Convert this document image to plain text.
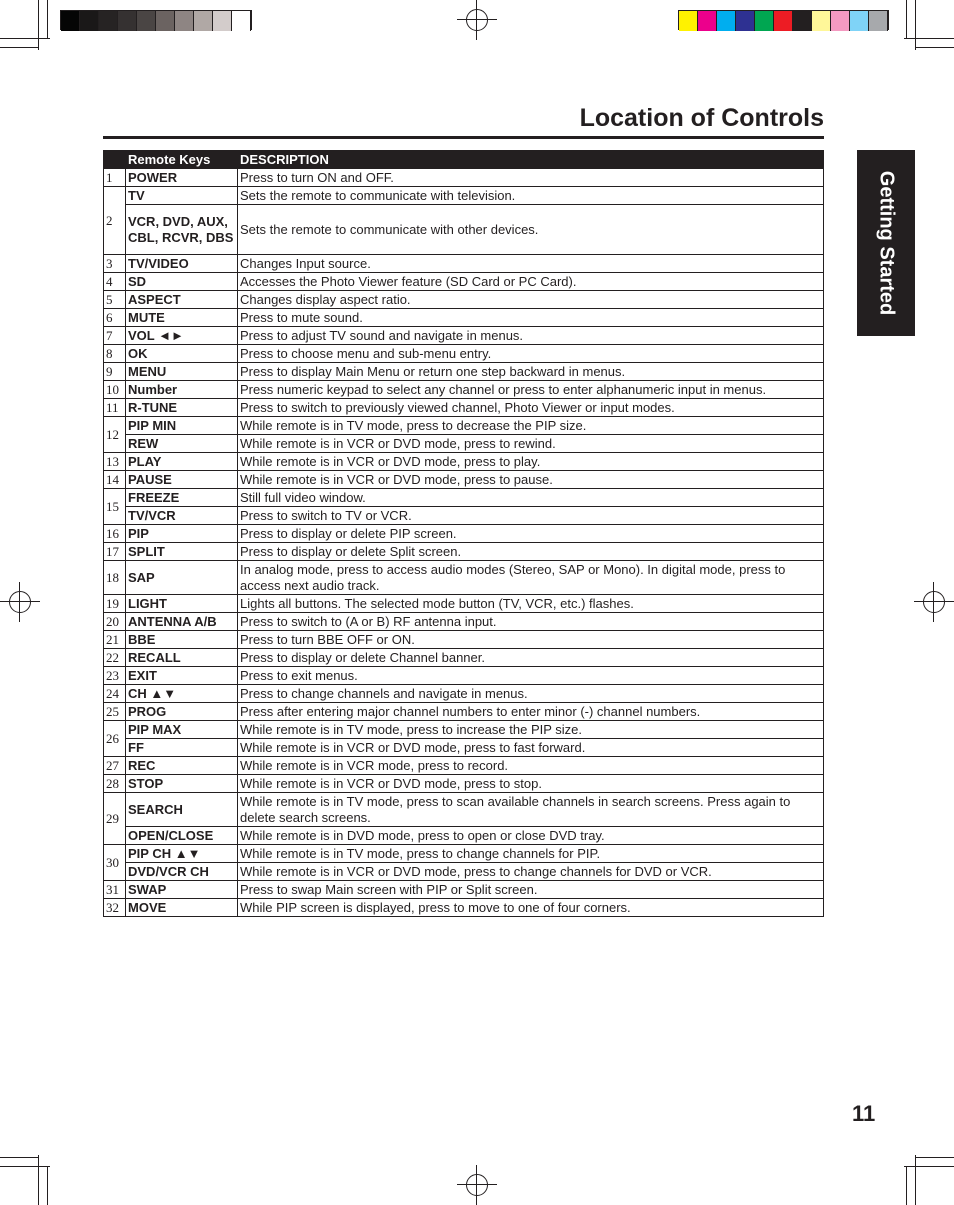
Location of Controls
Getting Started
	Remote Keys	DESCRIPTION
1	POWER	Press to turn ON and OFF.
2	TV	Sets the remote to communicate with television.
	VCR, DVD, AUX, CBL, RCVR, DBS	Sets the remote to communicate with other devices.
3	TV/VIDEO	Changes Input source.
4	SD	Accesses the Photo Viewer feature (SD Card or PC Card).
5	ASPECT	Changes display aspect ratio.
6	MUTE	Press to mute sound.
7	VOL ◄►	Press to adjust TV sound and navigate in menus.
8	OK	Press to choose menu and sub-menu entry.
9	MENU	Press to display Main Menu or return one step backward in menus.
10	Number	Press numeric keypad to select any channel or press to enter alphanumeric input in menus.
11	R-TUNE	Press to switch to previously viewed channel, Photo Viewer or input modes.
12	PIP MIN	While remote is in TV mode, press to decrease the PIP size.
	REW	While remote is in VCR or DVD mode, press to rewind.
13	PLAY	While remote is in VCR or DVD mode, press to play.
14	PAUSE	While remote is in VCR or DVD mode, press to pause.
15	FREEZE	Still full video window.
	TV/VCR	Press to switch to TV or VCR.
16	PIP	Press to display or delete PIP screen.
17	SPLIT	Press to display or delete Split screen.
18	SAP	In analog mode, press to access audio modes (Stereo, SAP or Mono). In digital mode, press to access next audio track.
19	LIGHT	Lights all buttons. The selected mode button (TV, VCR, etc.) flashes.
20	ANTENNA A/B	Press to switch to (A or B) RF antenna input.
21	BBE	Press to turn BBE OFF or ON.
22	RECALL	Press to display or delete Channel banner.
23	EXIT	Press to exit menus.
24	CH ▲▼	Press to change channels and navigate in menus.
25	PROG	Press after entering major channel numbers to enter minor (-) channel numbers.
26	PIP MAX	While remote is in TV mode, press to increase the PIP size.
	FF	While remote is in VCR or DVD mode, press to fast forward.
27	REC	While remote is in VCR mode, press to record.
28	STOP	While remote is in VCR or DVD mode, press to stop.
29	SEARCH	While remote is in TV mode, press to scan available channels in search screens. Press again to delete search screens.
	OPEN/CLOSE	While remote is in DVD mode, press to open or close DVD tray.
30	PIP CH ▲▼	While remote is in TV mode, press to change channels for PIP.
	DVD/VCR CH	While remote is in VCR or DVD mode, press to change channels for DVD or VCR.
31	SWAP	Press to swap Main screen with PIP or Split screen.
32	MOVE	While PIP screen is displayed, press to move to one of four corners.
11
